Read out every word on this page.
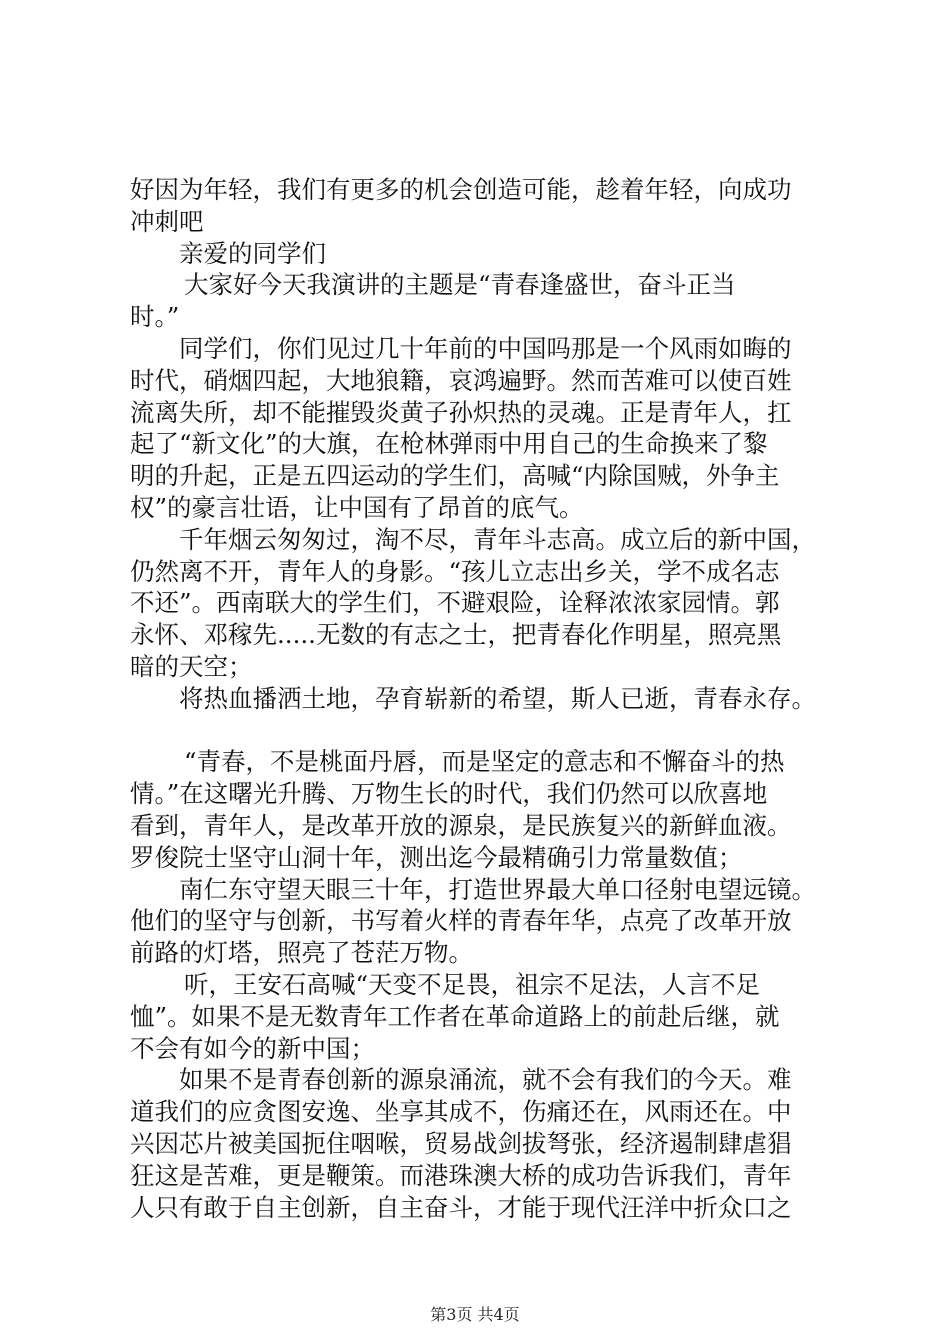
好因为年轻，我们有更多的机会创造可能，趁着年轻，向成功
冲刺吧
亲爱的同学们
大家好今天我演讲的主题是“青春逢盛世，奋斗正当
时。”
同学们，你们见过几十年前的中国吗那是一个风雨如晦的
时代，硝烟四起，大地狼籍，哀鸿遍野。然而苦难可以使百姓
流离失所，却不能摧毁炎黄子孙炽热的灵魂。正是青年人，扛
起了“新文化”的大旗，在枪林弹雨中用自己的生命换来了黎
明的升起，正是五四运动的学生们，高喊“内除国贼，外争主
权”的豪言壮语，让中国有了昂首的底气。
千年烟云匆匆过，淘不尽，青年斗志高。成立后的新中国，
仍然离不开，青年人的身影。“孩儿立志出乡关，学不成名志
不还”。西南联大的学生们，不避艰险，诠释浓浓家园情。郭
永怀、邓稼先.....无数的有志之士，把青春化作明星，照亮黑
暗的天空；
将热血播洒土地，孕育崭新的希望，斯人已逝，青春永存。
“青春，不是桃面丹唇，而是坚定的意志和不懈奋斗的热
情。”在这曙光升腾、万物生长的时代，我们仍然可以欣喜地
看到，青年人，是改革开放的源泉，是民族复兴的新鲜血液。
罗俊院士坚守山洞十年，测出迄今最精确引力常量数值；
南仁东守望天眼三十年，打造世界最大单口径射电望远镜。
他们的坚守与创新，书写着火样的青春年华，点亮了改革开放
前路的灯塔，照亮了苍茫万物。
听，王安石高喊“天变不足畏，祖宗不足法，人言不足
恤”。如果不是无数青年工作者在革命道路上的前赴后继，就
不会有如今的新中国；
如果不是青春创新的源泉涌流，就不会有我们的今天。难
道我们的应贪图安逸、坐享其成不，伤痛还在，风雨还在。中
兴因芯片被美国扼住咽喉，贸易战剑拔弩张，经济遏制肆虐猖
狂这是苦难，更是鞭策。而港珠澳大桥的成功告诉我们，青年
人只有敢于自主创新，自主奋斗，才能于现代汪洋中折众口之
第3页 共4页
